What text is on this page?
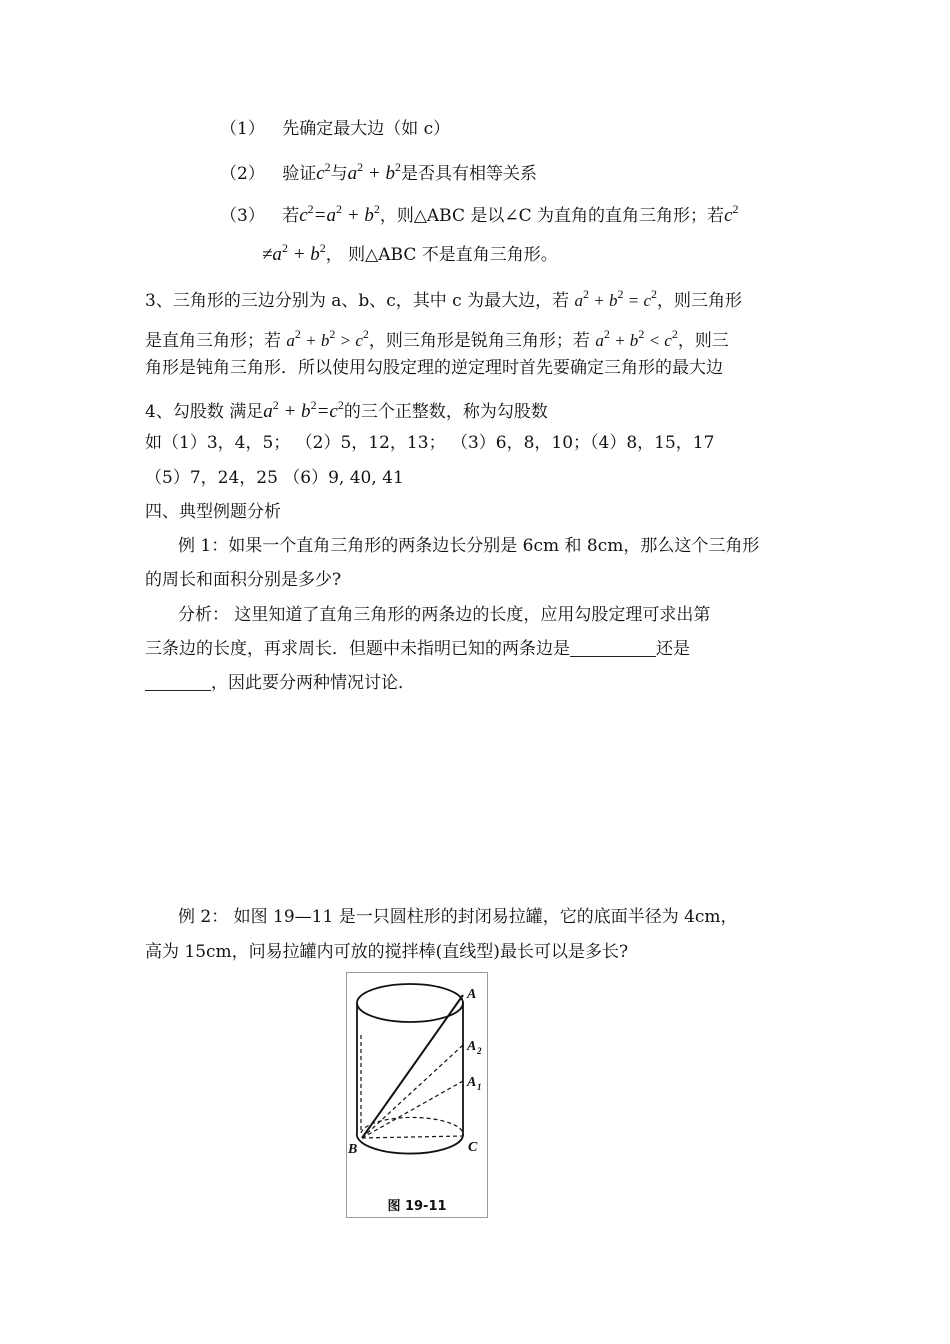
（1） 先确定最大边（如 c）
（2） 验证$c^2$与$a^2 + b^2$是否具有相等关系
（3） 若$c^2=a^2 + b^2$，则△ABC 是以∠C 为直角的直角三角形；若$c^2$
$\ne a^2 + b^2$， 则△ABC 不是直角三角形。
3、三角形的三边分别为 a、b、c，其中 c 为最大边，若 $a^2 + b^2 = c^2$，则三角形
是直角三角形；若 $a^2 + b^2 > c^2$，则三角形是锐角三角形；若 $a^2 + b^2 < c^2$，则三
角形是钝角三角形．所以使用勾股定理的逆定理时首先要确定三角形的最大边
4、勾股数 满足$a^2 + b^2=c^2$的三个正整数，称为勾股数
如（1）3，4，5； （2）5，12，13； （3）6，8，10；（4）8，15，17
（5）7，24，25 （6）9, 40, 41
四、典型例题分析
例 1：如果一个直角三角形的两条边长分别是 6cm 和 8cm，那么这个三角形
的周长和面积分别是多少?
分析： 这里知道了直角三角形的两条边的长度，应用勾股定理可求出第
三条边的长度，再求周长．但题中未指明已知的两条边是	还是
，因此要分两种情况讨论．
例 2： 如图 19—11 是一只圆柱形的封闭易拉罐，它的底面半径为 4cm，
高为 15cm，问易拉罐内可放的搅拌棒(直线型)最长可以是多长?
A
A 2
A 1
B	C
图 19-11
